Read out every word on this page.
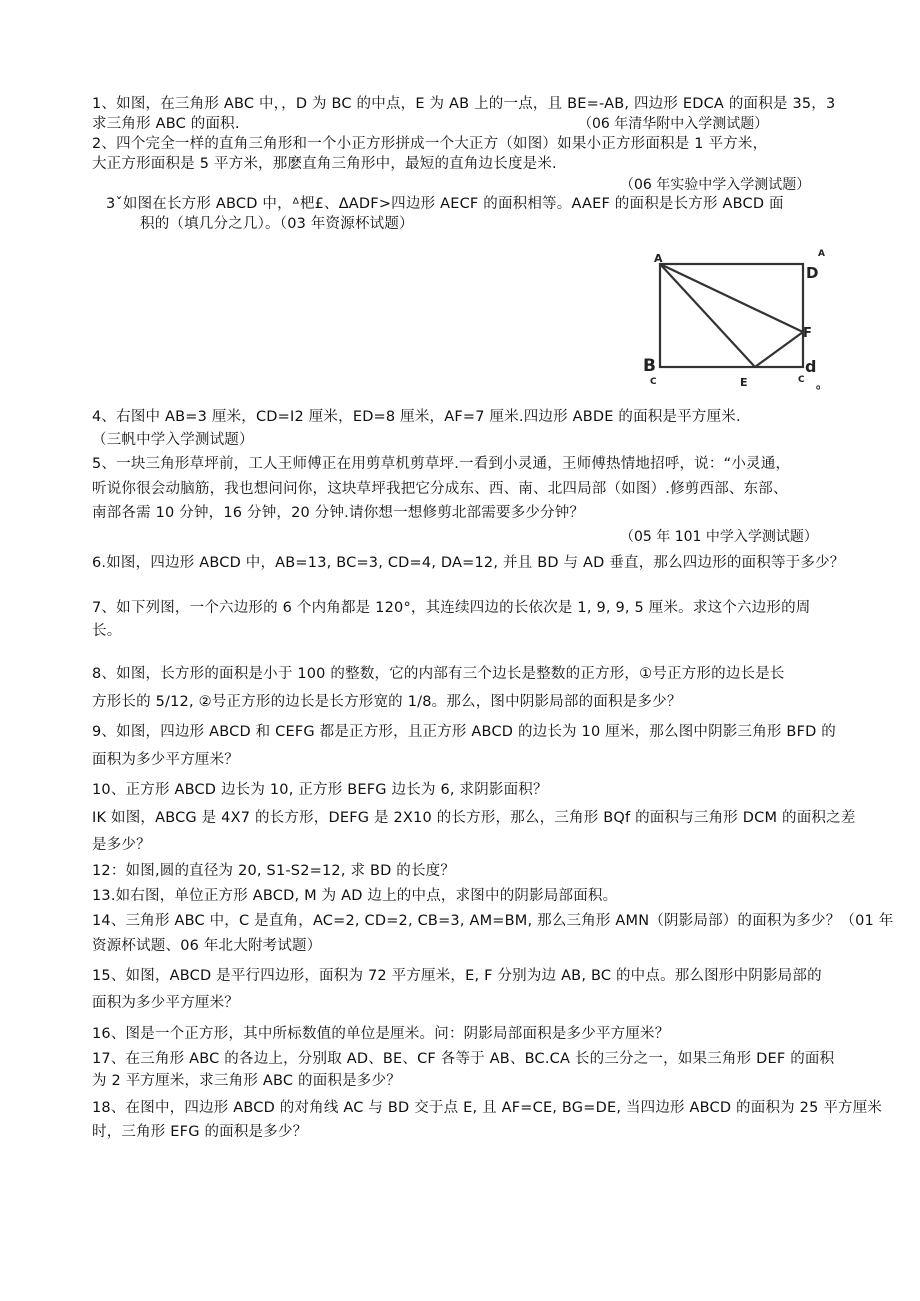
1、如图，在三角形 ABC 中，，D 为 BC 的中点，E 为 AB 上的一点，且 BE=-AB, 四边形 EDCA 的面积是 35，3
求三角形 ABC 的面积.	（06 年清华附中入学测试题）
2、四个完全一样的直角三角形和一个小正方形拼成一个大正方（如图）如果小正方形面积是 1 平方米，
大正方形面积是 5 平方米，那麽直角三角形中，最短的直角边长度是米.
（06 年实验中学入学测试题）
3ˇ如图在长方形 ABCD 中，ᐞ杷£、ΔADF>四边形 AECF 的面积相等。AAEF 的面积是长方形 ABCD 面
积的（填几分之几）。（03 年资源杯试题）
A	A
D
F
B
E
d
C	C 。
4、右图中 AB=3 厘米，CD=I2 厘米，ED=8 厘米，AF=7 厘米.四边形 ABDE 的面积是平方厘米.
（三帆中学入学测试题）
5、一块三角形草坪前，工人王师傅正在用剪草机剪草坪.一看到小灵通，王师傅热情地招呼，说：“小灵通，
听说你很会动脑筋，我也想问问你，这块草坪我把它分成东、西、南、北四局部（如图）.修剪西部、东部、
南部各需 10 分钟，16 分钟，20 分钟.请你想一想修剪北部需要多少分钟？
（05 年 101 中学入学测试题）
6.如图，四边形 ABCD 中，AB=13, BC=3, CD=4, DA=12, 并且 BD 与 AD 垂直，那么四边形的面积等于多少？
7、如下列图，一个六边形的 6 个内角都是 120°，其连续四边的长依次是 1, 9, 9, 5 厘米。求这个六边形的周
长。
8、如图，长方形的面积是小于 100 的整数，它的内部有三个边长是整数的正方形，①号正方形的边长是长
方形长的 5/12, ②号正方形的边长是长方形宽的 1/8。那么，图中阴影局部的面积是多少？
9、如图，四边形 ABCD 和 CEFG 都是正方形，且正方形 ABCD 的边长为 10 厘米，那么图中阴影三角形 BFD 的
面积为多少平方厘米？
10、正方形 ABCD 边长为 10, 正方形 BEFG 边长为 6, 求阴影面积？
IK 如图，ABCG 是 4X7 的长方形，DEFG 是 2X10 的长方形，那么，三角形 BQf 的面积与三角形 DCM 的面积之差
是多少？
12：如图,圆的直径为 20, S1-S2=12, 求 BD 的长度？
13.如右图，单位正方形 ABCD, M 为 AD 边上的中点，求图中的阴影局部面积。
14、三角形 ABC 中，C 是直角，AC=2, CD=2, CB=3, AM=BM, 那么三角形 AMN（阴影局部）的面积为多少？（01 年
资源杯试题、06 年北大附考试题）
15、如图，ABCD 是平行四边形，面积为 72 平方厘米，E, F 分别为边 AB, BC 的中点。那么图形中阴影局部的
面积为多少平方厘米？
16、图是一个正方形，其中所标数值的单位是厘米。问：阴影局部面积是多少平方厘米？
17、在三角形 ABC 的各边上，分别取 AD、BE、CF 各等于 AB、BC.CA 长的三分之一，如果三角形 DEF 的面积
为 2 平方厘米，求三角形 ABC 的面积是多少？
18、在图中，四边形 ABCD 的对角线 AC 与 BD 交于点 E, 且 AF=CE, BG=DE, 当四边形 ABCD 的面积为 25 平方厘米
时，三角形 EFG 的面积是多少？
